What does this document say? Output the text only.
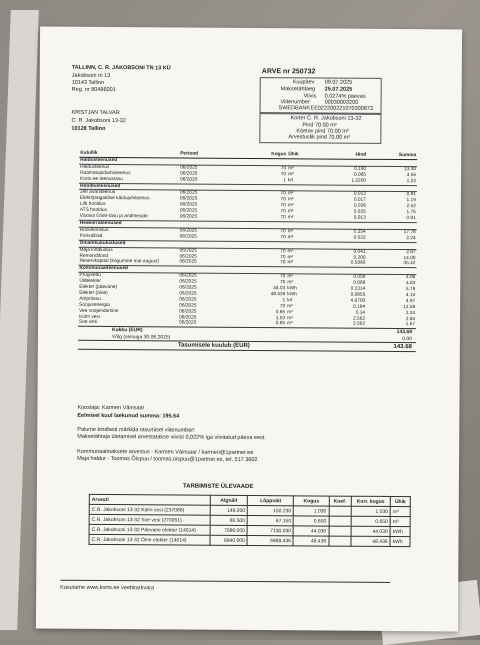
TALLINN, C. R. JAKOBSONI TN 13 KÜ
Jakobsoni tn 13
10143 Tallinn
Reg. nr 80486001
ARVE nr 250732
Kuupäev 09.07.2025
Maksetähtaeg 25.07.2025
Viivis 0.0274% päevas
Viitenumber	00030003200
SWEDBANK EE022200221070300873
KRISTJAN TALVAR
C. R. Jakobsoni 13-32
10128 Tallinn
Korter C. R. Jakobsoni 13-32
Pind 70.00 m²
Köetav pind 70.00 m²
Arvestuslik pind 70.00 m²
Kulullik	Periood	Kogus	Ühik	Hind	Summa
Haldusteenused					
Haldusteenus	06/2025	70	m²	0.190	13.30
Raamatupidamisteenus	06/2025	70	m²	0.065	4.55
Korto.ee teenustasu	06/2025	1	krt	1.2200	1.22
Hooldusteenused					
24h avariiteenus	06/2025	70	m²	0.013	0.91
Elektripaigaldise käidujuhiteenus	06/2025	70	m²	0.017	1.19
Lifti hooldus	06/2025	70	m²	0.036	2.52
ATS hooldus	06/2025	70	m²	0.025	1.75
Värava GSM-tasu ja andmeside	06/2025	70	m²	0.013	0.91
Heakorrateenused					
Hoovikoristus	06/2025	70	m²	0.254	17.78
Porivaibad	06/2025	70	m²	0.032	2.24
Omanikukulustused					
Maja kindlustus	06/2025	70	m²	0.041	2.87
Remondifond	06/2025	70	m²	0.200	14.00
Reservkapital (kogumine mai-august)	06/2025	70	m²	0.5060	35.42
Kommunaalteenused					
Prügivedu	06/2025	70	m²	0.058	4.06
Üldelekter	06/2025	70	m²	0.069	4.83
Elekter (päevane)	06/2025	44.03	kWh	0.1314	5.79
Elekter (öine)	06/2025	48.436	kWh	0.0855	4.14
Ampritasu	06/2025	1	krt	4.9700	4.97
Soojusenergia	06/2025	70	m²	0.194	13.58
Vee soojendamine	06/2025	0.65	m³	5.14	3.34
Külm vesi	06/2025	1.03	m³	2.562	2.64
Soe vesi	06/2025	0.65	m³	2.562	1.67
Kokku (EUR)	143.68
Võlg (seisuga 30.06.2025)	0.00
Tasumisele kuulub (EUR)	143.68
Koostaja: Karmen Väinsaar
Eelmisel kuul laekunud summa: 195.54
Palume kindlasti märkida tasumisel viitenumber!
Maksetähtaja ületamisel arvestatakse viivist 0,022% iga viivitatud päeva eest.
Kommunaalmaksete arvestus - Karmen Väinsaar / karmen@1partner.ee
Maja haldur - Toomas Õispuu / toomas.oispuu@1partner.ee, tel. 517 3602
TARBIMISTE ÜLEVAADE
Arvesti	Algnäit	Lõppnäit	Kogus	Koef.	Korr. kogus	Ühik
C.R. Jakobsoni 13-32 Külm vesi (237086)	149.200	150.230	1.030		1.030	m³
C.R. Jakobsoni 13-32 Soe vesi (270051)	66.500	67.150	0.650		0.650	m³
C.R. Jakobsoni 13-32 Päevane elekter (14014)	7086.000	7130.030	44.030		44.030	kWh
C.R. Jakobsoni 13-32 Öine elekter (14014)	6940.000	6988.436	48.436		48.436	kWh
Kasutame www.korto.ee veebitarkvara
